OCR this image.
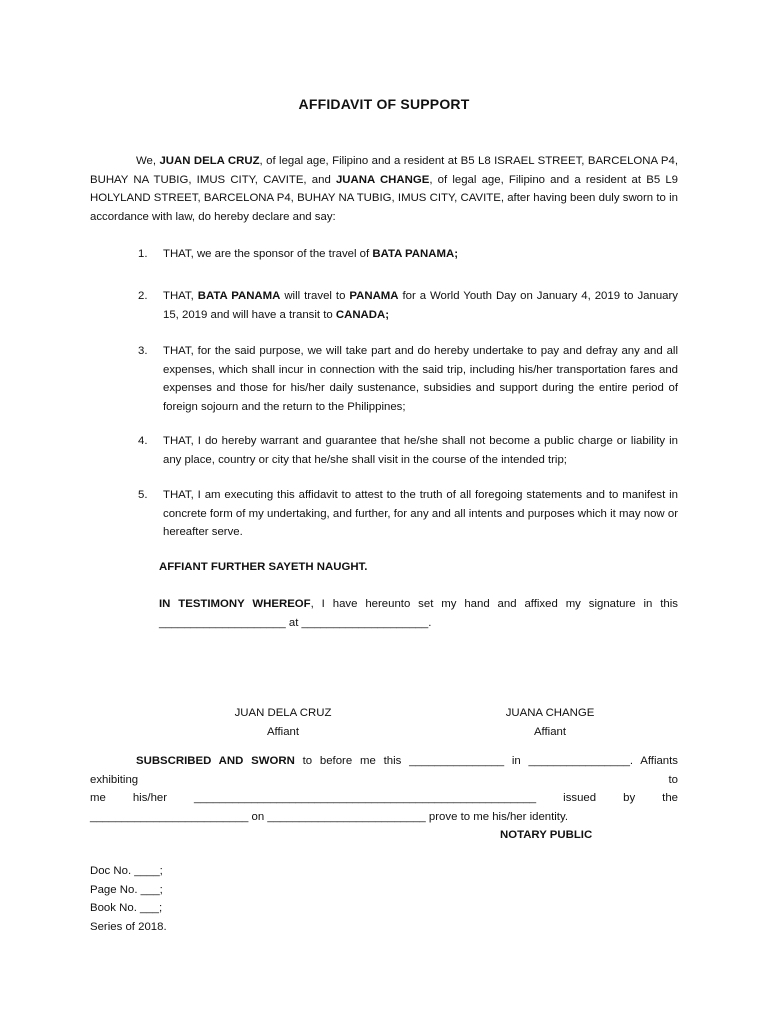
AFFIDAVIT OF SUPPORT
We, JUAN DELA CRUZ, of legal age, Filipino and a resident at B5 L8 ISRAEL STREET, BARCELONA P4, BUHAY NA TUBIG, IMUS CITY, CAVITE, and JUANA CHANGE, of legal age, Filipino and a resident at B5 L9 HOLYLAND STREET, BARCELONA P4, BUHAY NA TUBIG, IMUS CITY, CAVITE, after having been duly sworn to in accordance with law, do hereby declare and say:
1. THAT, we are the sponsor of the travel of BATA PANAMA;
2. THAT, BATA PANAMA will travel to PANAMA for a World Youth Day on January 4, 2019 to January 15, 2019 and will have a transit to CANADA;
3. THAT, for the said purpose, we will take part and do hereby undertake to pay and defray any and all expenses, which shall incur in connection with the said trip, including his/her transportation fares and expenses and those for his/her daily sustenance, subsidies and support during the entire period of foreign sojourn and the return to the Philippines;
4. THAT, I do hereby warrant and guarantee that he/she shall not become a public charge or liability in any place, country or city that he/she shall visit in the course of the intended trip;
5. THAT, I am executing this affidavit to attest to the truth of all foregoing statements and to manifest in concrete form of my undertaking, and further, for any and all intents and purposes which it may now or hereafter serve.
AFFIANT FURTHER SAYETH NAUGHT.
IN TESTIMONY WHEREOF, I have hereunto set my hand and affixed my signature in this
____________________ at ____________________.
JUAN DELA CRUZ
Affiant
JUANA CHANGE
Affiant
SUBSCRIBED AND SWORN to before me this _______________ in ________________. Affiants exhibiting to
me his/her ______________________________________________________ issued by the
_________________________ on _________________________ prove to me his/her identity.
NOTARY PUBLIC
Doc No. ____;
Page No. ___;
Book No. ___;
Series of 2018.
